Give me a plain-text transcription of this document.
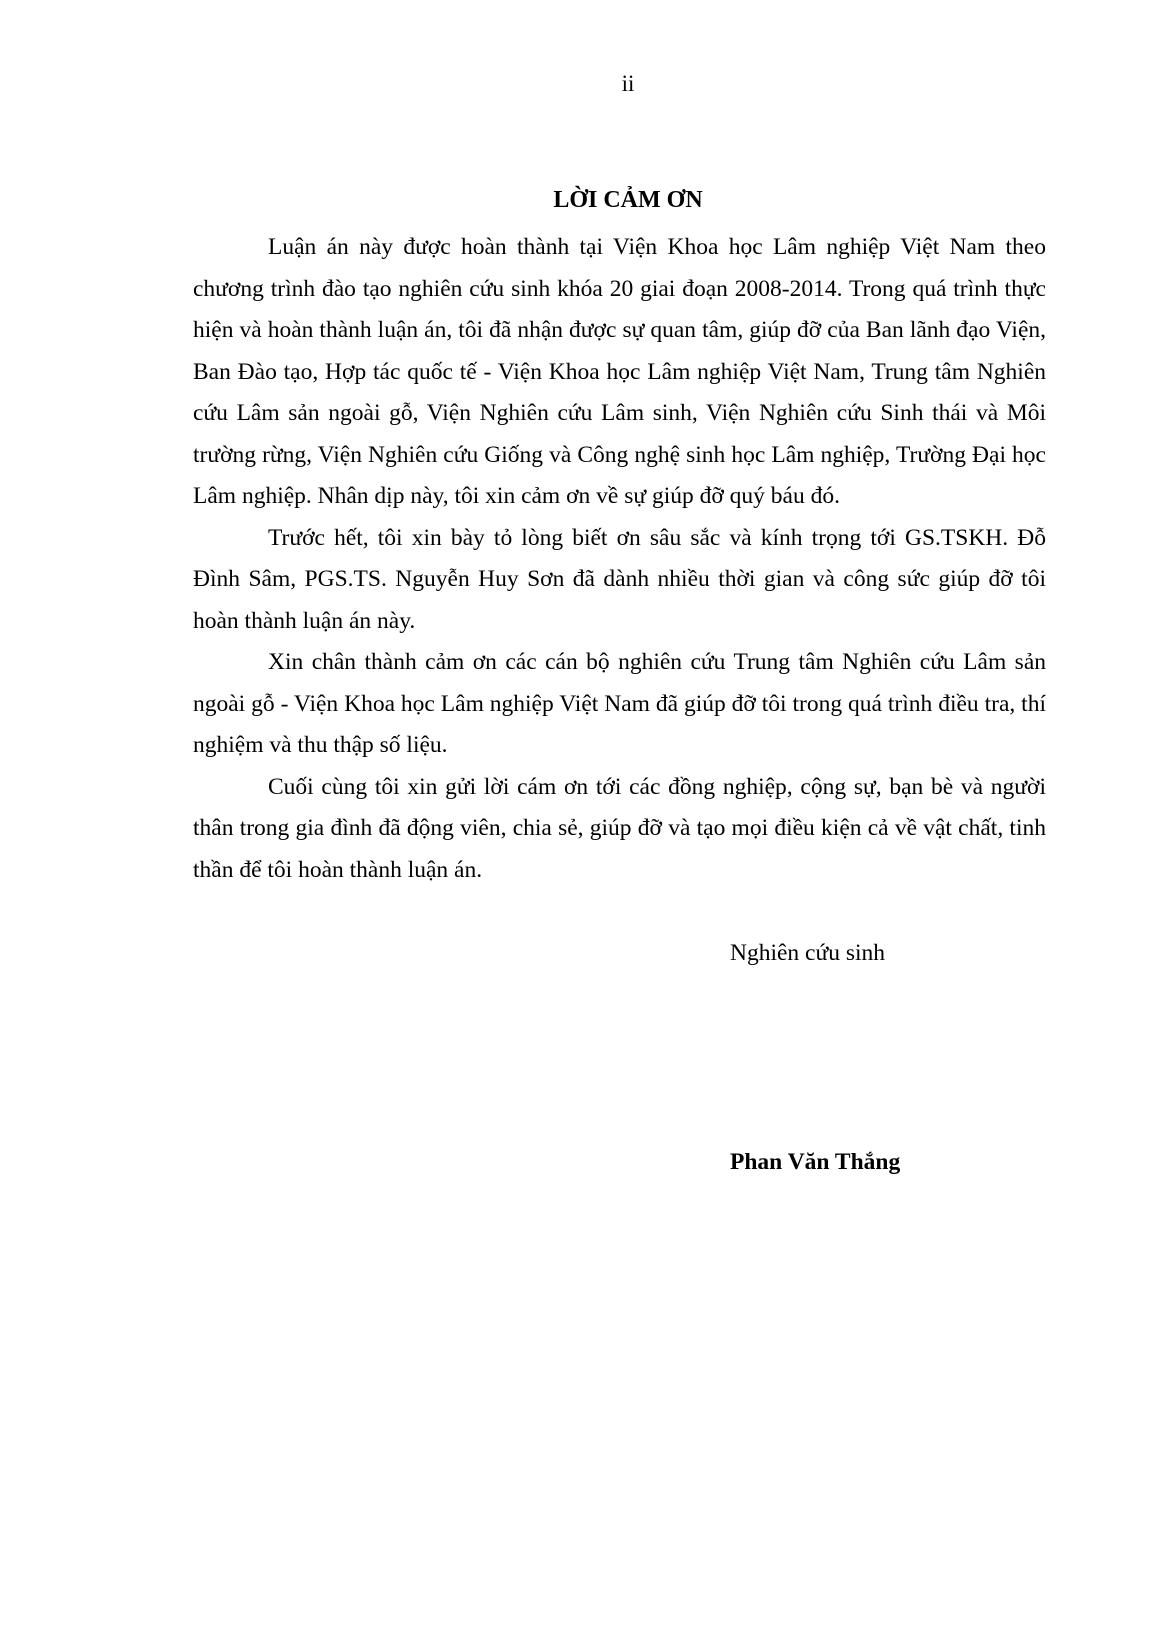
ii
LỜI CẢM ƠN

Luận án này được hoàn thành tại Viện Khoa học Lâm nghiệp Việt Nam theo chương trình đào tạo nghiên cứu sinh khóa 20 giai đoạn 2008-2014. Trong quá trình thực hiện và hoàn thành luận án, tôi đã nhận được sự quan tâm, giúp đỡ của Ban lãnh đạo Viện, Ban Đào tạo, Hợp tác quốc tế - Viện Khoa học Lâm nghiệp Việt Nam, Trung tâm Nghiên cứu Lâm sản ngoài gỗ, Viện Nghiên cứu Lâm sinh, Viện Nghiên cứu Sinh thái và Môi trường rừng, Viện Nghiên cứu Giống và Công nghệ sinh học Lâm nghiệp, Trường Đại học Lâm nghiệp. Nhân dịp này, tôi xin cảm ơn về sự giúp đỡ quý báu đó.

Trước hết, tôi xin bày tỏ lòng biết ơn sâu sắc và kính trọng tới GS.TSKH. Đỗ Đình Sâm, PGS.TS. Nguyễn Huy Sơn đã dành nhiều thời gian và công sức giúp đỡ tôi hoàn thành luận án này.

Xin chân thành cảm ơn các cán bộ nghiên cứu Trung tâm Nghiên cứu Lâm sản ngoài gỗ - Viện Khoa học Lâm nghiệp Việt Nam đã giúp đỡ tôi trong quá trình điều tra, thí nghiệm và thu thập số liệu.

Cuối cùng tôi xin gửi lời cám ơn tới các đồng nghiệp, cộng sự, bạn bè và người thân trong gia đình đã động viên, chia sẻ, giúp đỡ và tạo mọi điều kiện cả về vật chất, tinh thần để tôi hoàn thành luận án.

Nghiên cứu sinh
Phan Văn Thắng
